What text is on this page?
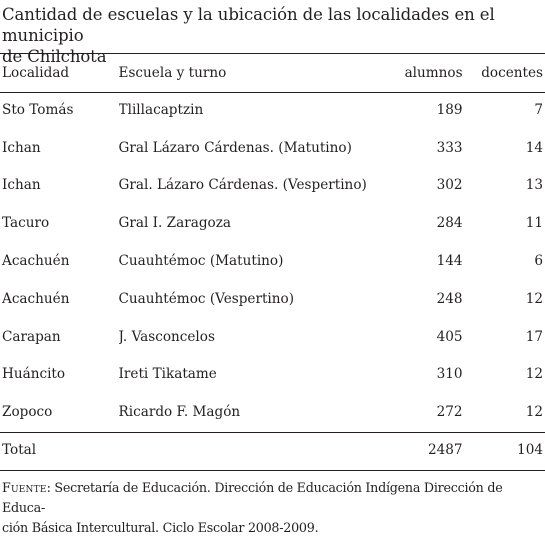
Cantidad de escuelas y la ubicación de las localidades en el municipio
de Chilchota
Localidad	Escuela y turno	alumnos	docentes
Sto Tomás	Tlillacaptzin	189	7
Ichan	Gral Lázaro Cárdenas. (Matutino)	333	14
Ichan	Gral. Lázaro Cárdenas. (Vespertino)	302	13
Tacuro	Gral I. Zaragoza	284	11
Acachuén	Cuauhtémoc (Matutino)	144	6
Acachuén	Cuauhtémoc (Vespertino)	248	12
Carapan	J. Vasconcelos	405	17
Huáncito	Ireti Tikatame	310	12
Zopoco	Ricardo F. Magón	272	12
Total		2487	104
Fuente: Secretaría de Educación. Dirección de Educación Indígena Dirección de Educa-
ción Básica Intercultural. Ciclo Escolar 2008-2009.
